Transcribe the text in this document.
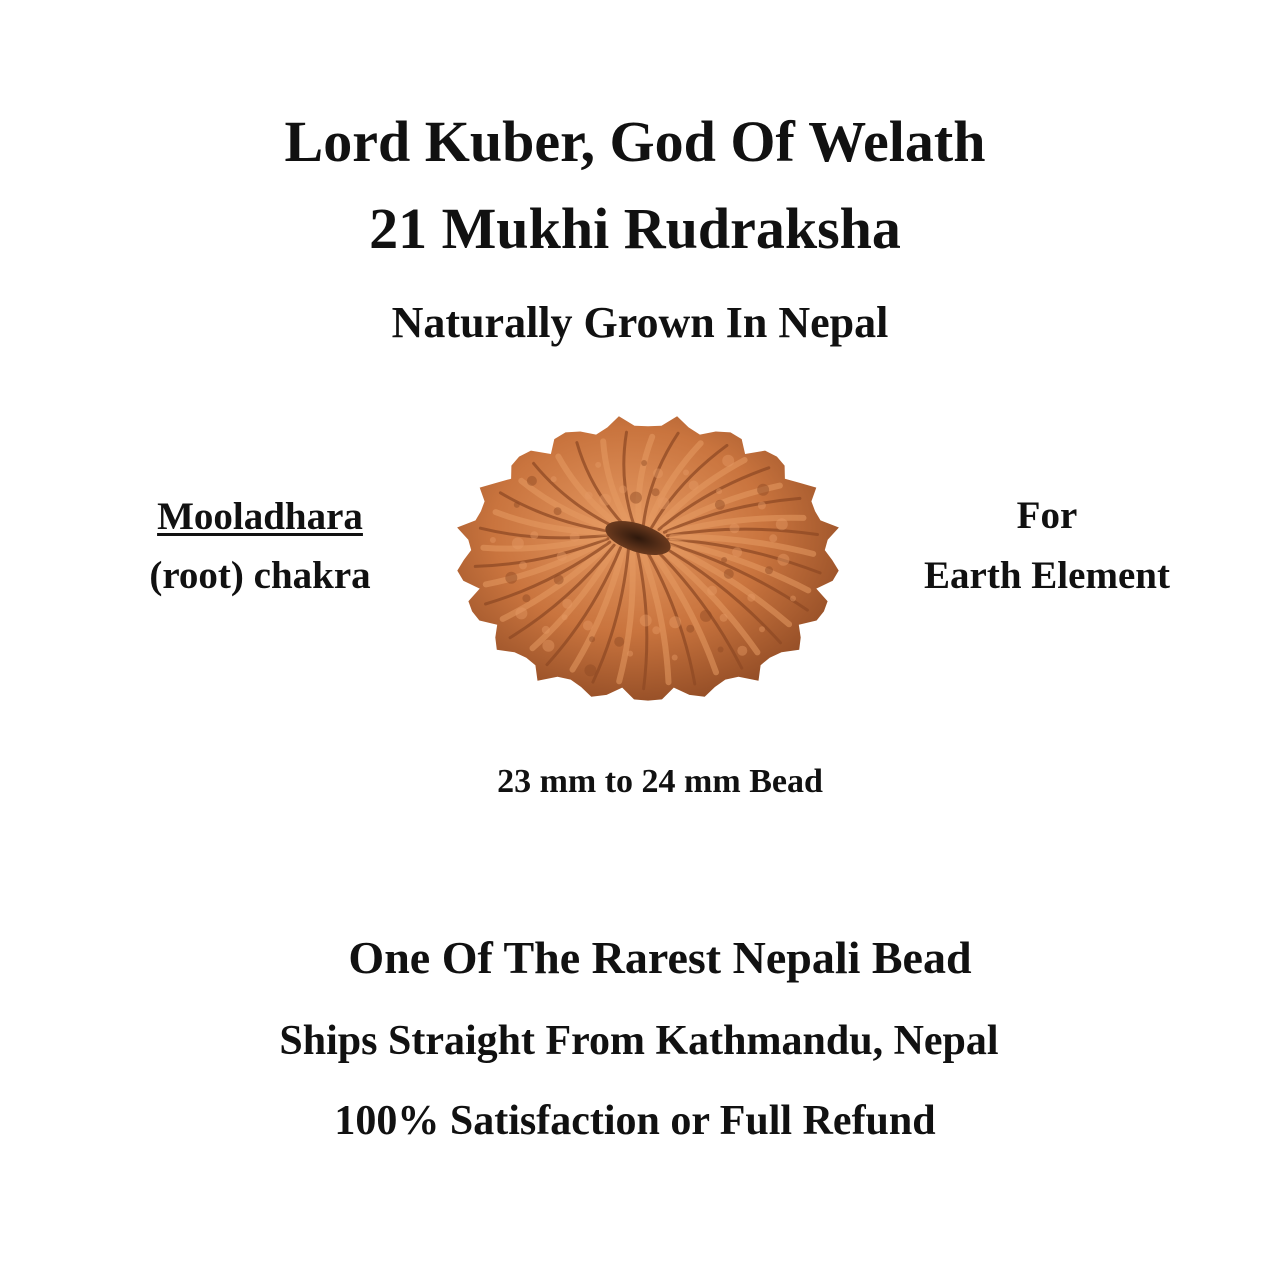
Lord Kuber, God Of Welath
21 Mukhi Rudraksha
Naturally Grown In Nepal
Mooladhara
(root) chakra
For
Earth Element
23 mm to 24 mm Bead
One Of The Rarest Nepali Bead
Ships Straight From Kathmandu, Nepal
100% Satisfaction or Full Refund
